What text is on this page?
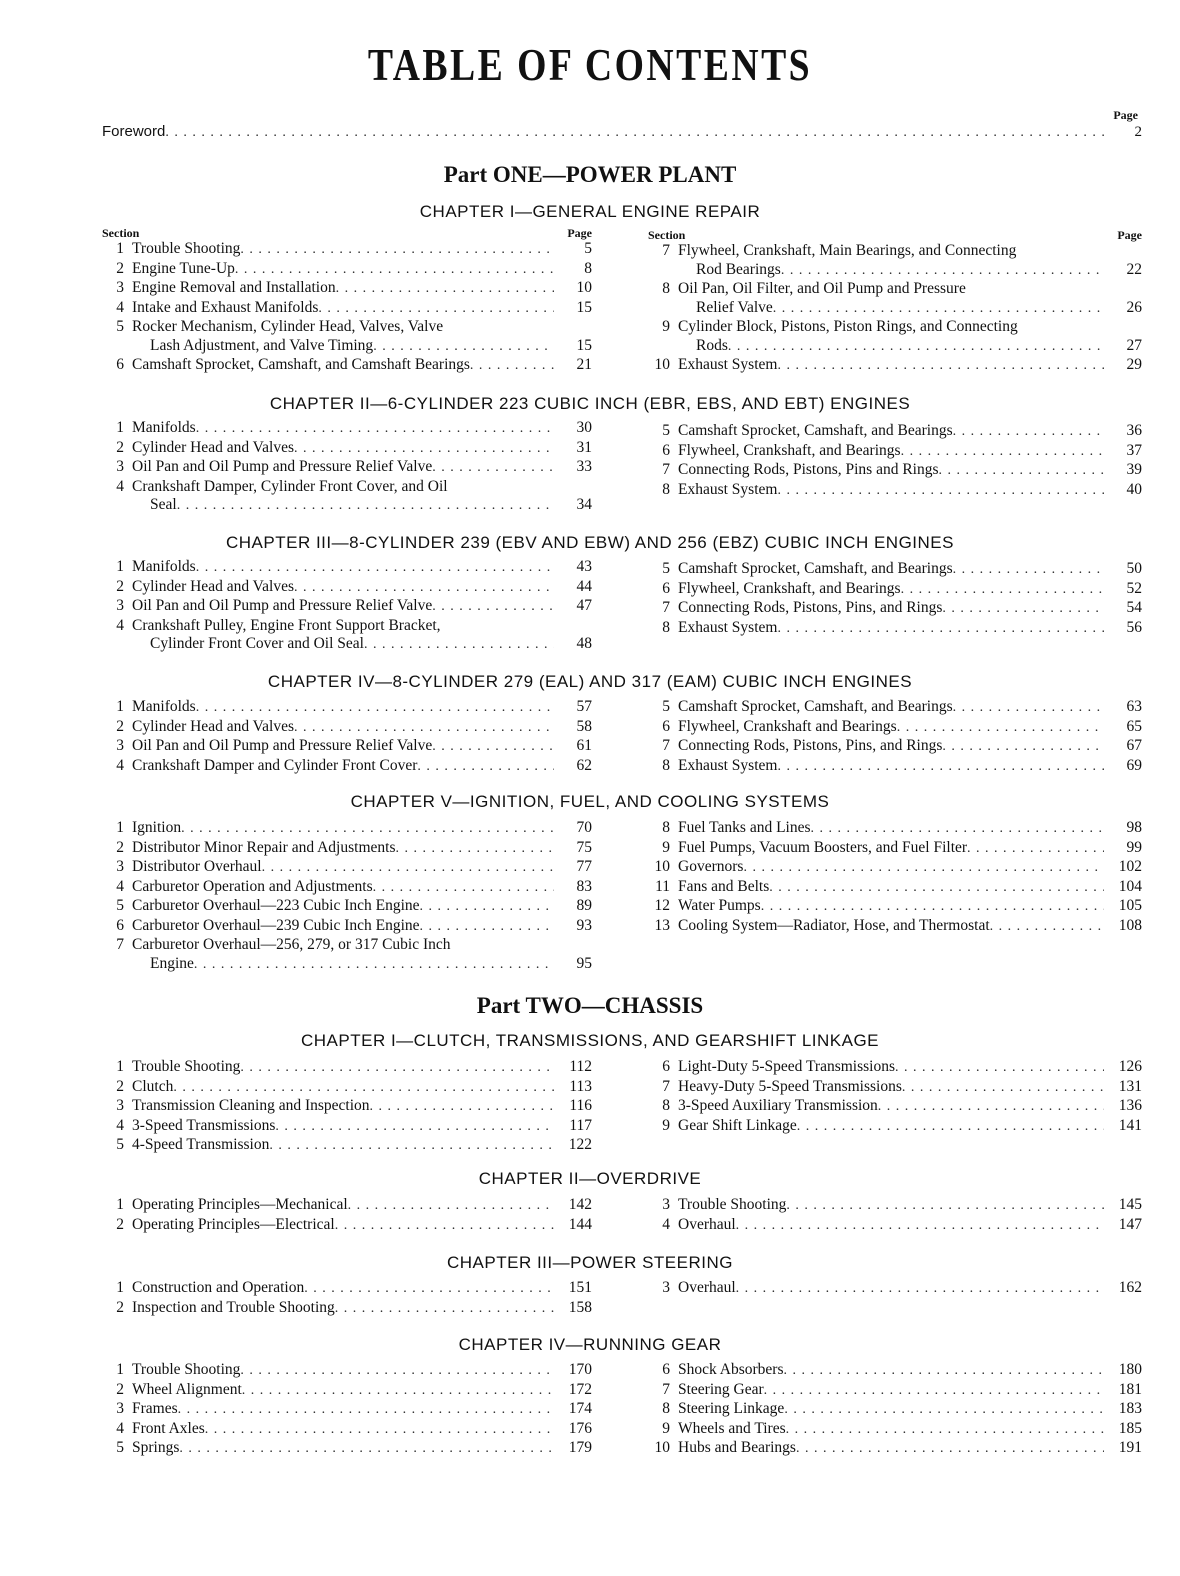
TABLE OF CONTENTS
Page
Foreword . . .	2
Part ONE—POWER PLANT
CHAPTER I—GENERAL ENGINE REPAIR
Section	Page
1 Trouble Shooting . . .	5
2 Engine Tune-Up . . .	8
3 Engine Removal and Installation . . .	10
4 Intake and Exhaust Manifolds . . .	15
5 Rocker Mechanism, Cylinder Head, Valves, Valve
Lash Adjustment, and Valve Timing . . .	15
6 Camshaft Sprocket, Camshaft, and Camshaft Bearings . . .	21
Section	Page
7 Flywheel, Crankshaft, Main Bearings, and Connecting
Rod Bearings . . .	22
8 Oil Pan, Oil Filter, and Oil Pump and Pressure
Relief Valve . . .	26
9 Cylinder Block, Pistons, Piston Rings, and Connecting
Rods . . .	27
10 Exhaust System . . .	29
CHAPTER II—6-CYLINDER 223 CUBIC INCH (EBR, EBS, AND EBT) ENGINES
1 Manifolds . . .	30
2 Cylinder Head and Valves . . .	31
3 Oil Pan and Oil Pump and Pressure Relief Valve . . .	33
4 Crankshaft Damper, Cylinder Front Cover, and Oil
Seal . . .	34
5 Camshaft Sprocket, Camshaft, and Bearings . . .	36
6 Flywheel, Crankshaft, and Bearings . . .	37
7 Connecting Rods, Pistons, Pins and Rings . . .	39
8 Exhaust System . . .	40
CHAPTER III—8-CYLINDER 239 (EBV AND EBW) AND 256 (EBZ) CUBIC INCH ENGINES
1 Manifolds . . .	43
2 Cylinder Head and Valves . . .	44
3 Oil Pan and Oil Pump and Pressure Relief Valve . . .	47
4 Crankshaft Pulley, Engine Front Support Bracket,
Cylinder Front Cover and Oil Seal . . .	48
5 Camshaft Sprocket, Camshaft, and Bearings . . .	50
6 Flywheel, Crankshaft, and Bearings . . .	52
7 Connecting Rods, Pistons, Pins, and Rings . . .	54
8 Exhaust System . . .	56
CHAPTER IV—8-CYLINDER 279 (EAL) AND 317 (EAM) CUBIC INCH ENGINES
1 Manifolds . . .	57
2 Cylinder Head and Valves . . .	58
3 Oil Pan and Oil Pump and Pressure Relief Valve . . .	61
4 Crankshaft Damper and Cylinder Front Cover . . .	62
5 Camshaft Sprocket, Camshaft, and Bearings . . .	63
6 Flywheel, Crankshaft and Bearings . . .	65
7 Connecting Rods, Pistons, Pins, and Rings . . .	67
8 Exhaust System . . .	69
CHAPTER V—IGNITION, FUEL, AND COOLING SYSTEMS
1 Ignition . . .	70
2 Distributor Minor Repair and Adjustments . . .	75
3 Distributor Overhaul . . .	77
4 Carburetor Operation and Adjustments . . .	83
5 Carburetor Overhaul—223 Cubic Inch Engine . . .	89
6 Carburetor Overhaul—239 Cubic Inch Engine . . .	93
7 Carburetor Overhaul—256, 279, or 317 Cubic Inch
Engine . . .	95
8 Fuel Tanks and Lines . . .	98
9 Fuel Pumps, Vacuum Boosters, and Fuel Filter . . .	99
10 Governors . . .	102
11 Fans and Belts . . .	104
12 Water Pumps . . .	105
13 Cooling System—Radiator, Hose, and Thermostat . . .	108
Part TWO—CHASSIS
CHAPTER I—CLUTCH, TRANSMISSIONS, AND GEARSHIFT LINKAGE
1 Trouble Shooting . . .	112
2 Clutch . . .	113
3 Transmission Cleaning and Inspection . . .	116
4 3-Speed Transmissions . . .	117
5 4-Speed Transmission . . .	122
6 Light-Duty 5-Speed Transmissions . . .	126
7 Heavy-Duty 5-Speed Transmissions . . .	131
8 3-Speed Auxiliary Transmission . . .	136
9 Gear Shift Linkage . . .	141
CHAPTER II—OVERDRIVE
1 Operating Principles—Mechanical . . .	142
2 Operating Principles—Electrical . . .	144
3 Trouble Shooting . . .	145
4 Overhaul . . .	147
CHAPTER III—POWER STEERING
1 Construction and Operation . . .	151
2 Inspection and Trouble Shooting . . .	158
3 Overhaul . . .	162
CHAPTER IV—RUNNING GEAR
1 Trouble Shooting . . .	170
2 Wheel Alignment . . .	172
3 Frames . . .	174
4 Front Axles . . .	176
5 Springs . . .	179
6 Shock Absorbers . . .	180
7 Steering Gear . . .	181
8 Steering Linkage . . .	183
9 Wheels and Tires . . .	185
10 Hubs and Bearings . . .	191
